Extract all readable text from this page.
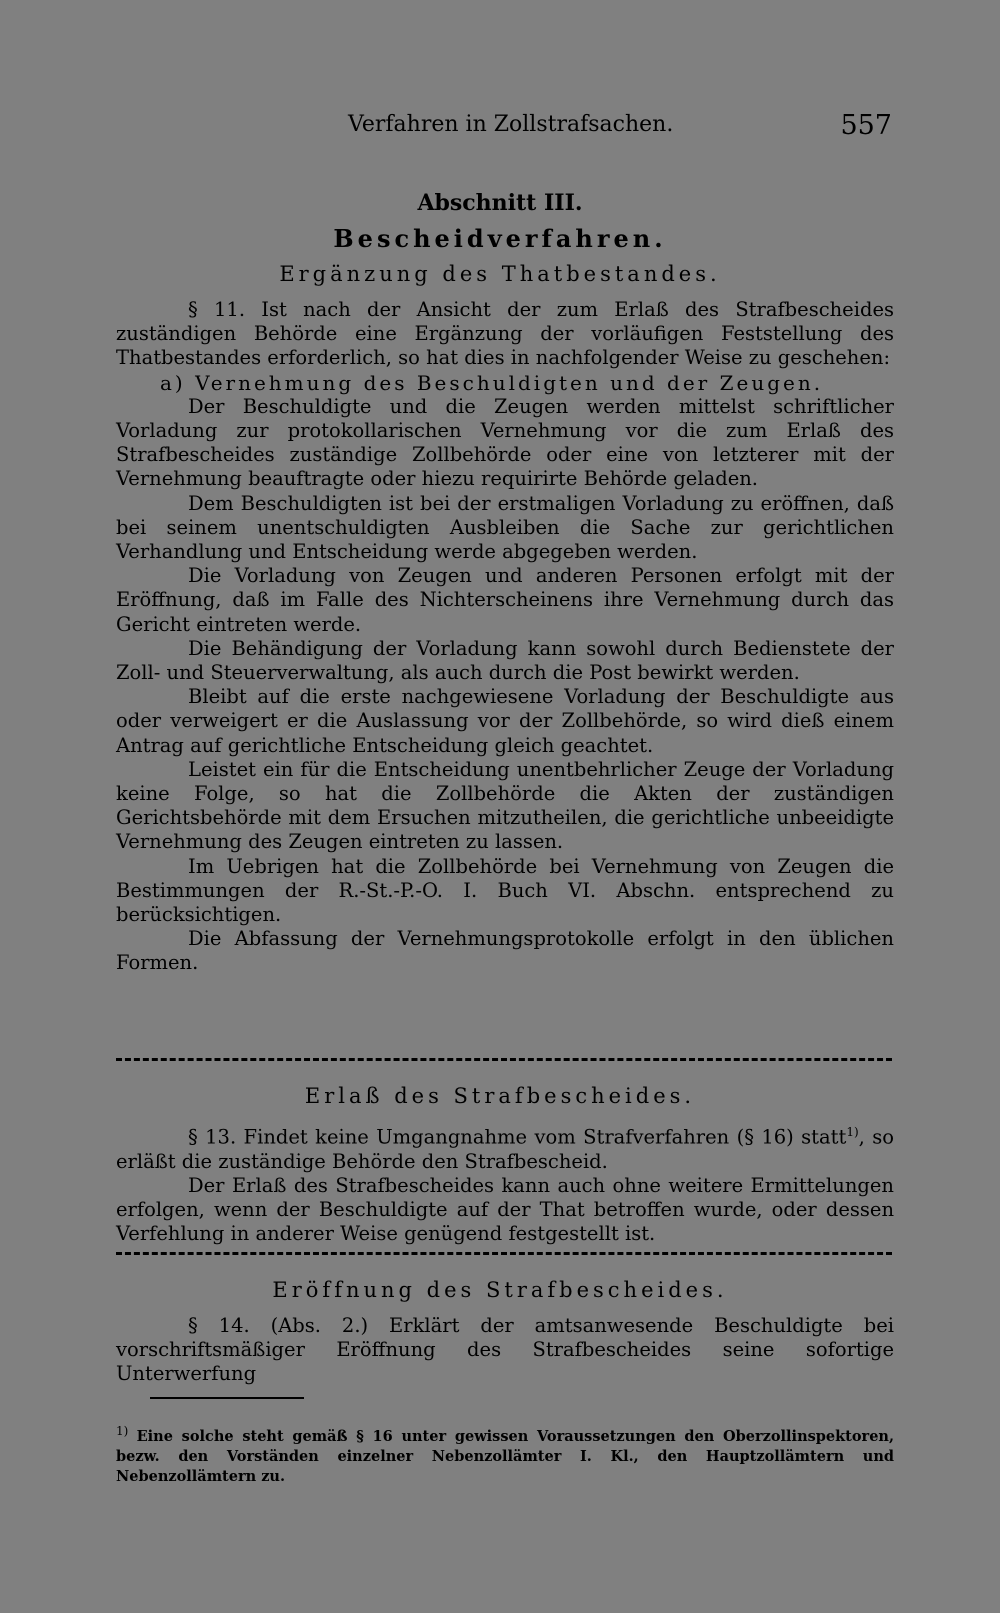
Verfahren in Zollstrafsachen.	557
Abschnitt III.
Bescheidverfahren.
Ergänzung des Thatbestandes.

§ 11. Ist nach der Ansicht der zum Erlaß des Strafbescheides zuständigen Behörde eine Ergänzung der vorläufigen Feststellung des Thatbestandes erforderlich, so hat dies in nachfolgender Weise zu geschehen:

a) Vernehmung des Beschuldigten und der Zeugen.

Der Beschuldigte und die Zeugen werden mittelst schriftlicher Vorladung zur protokollarischen Vernehmung vor die zum Erlaß des Strafbescheides zuständige Zollbehörde oder eine von letzterer mit der Vernehmung beauftragte oder hiezu requirirte Behörde geladen.

Dem Beschuldigten ist bei der erstmaligen Vorladung zu eröffnen, daß bei seinem unentschuldigten Ausbleiben die Sache zur gerichtlichen Verhandlung und Entscheidung werde abgegeben werden.

Die Vorladung von Zeugen und anderen Personen erfolgt mit der Eröffnung, daß im Falle des Nichterscheinens ihre Vernehmung durch das Gericht eintreten werde.

Die Behändigung der Vorladung kann sowohl durch Bedienstete der Zoll- und Steuerverwaltung, als auch durch die Post bewirkt werden.

Bleibt auf die erste nachgewiesene Vorladung der Beschuldigte aus oder verweigert er die Auslassung vor der Zollbehörde, so wird dieß einem Antrag auf gerichtliche Entscheidung gleich geachtet.

Leistet ein für die Entscheidung unentbehrlicher Zeuge der Vorladung keine Folge, so hat die Zollbehörde die Akten der zuständigen Gerichtsbehörde mit dem Ersuchen mitzutheilen, die gerichtliche unbeeidigte Vernehmung des Zeugen eintreten zu lassen.

Im Uebrigen hat die Zollbehörde bei Vernehmung von Zeugen die Bestimmungen der R.-St.-P.-O. I. Buch VI. Abschn. entsprechend zu berücksichtigen.

Die Abfassung der Vernehmungsprotokolle erfolgt in den üblichen Formen.

Erlaß des Strafbescheides.

§ 13. Findet keine Umgangnahme vom Strafverfahren (§ 16) statt$^{1)}$, so erläßt die zuständige Behörde den Strafbescheid.

Der Erlaß des Strafbescheides kann auch ohne weitere Ermittelungen erfolgen, wenn der Beschuldigte auf der That betroffen wurde, oder dessen Verfehlung in anderer Weise genügend festgestellt ist.

Eröffnung des Strafbescheides.

§ 14. (Abs. 2.) Erklärt der amtsanwesende Beschuldigte bei vorschriftsmäßiger Eröffnung des Strafbescheides seine sofortige Unterwerfung

$^{1)}$ Eine solche steht gemäß § 16 unter gewissen Voraussetzungen den Oberzollinspektoren, bezw. den Vorständen einzelner Nebenzollämter I. Kl., den Hauptzollämtern und Nebenzollämtern zu.
